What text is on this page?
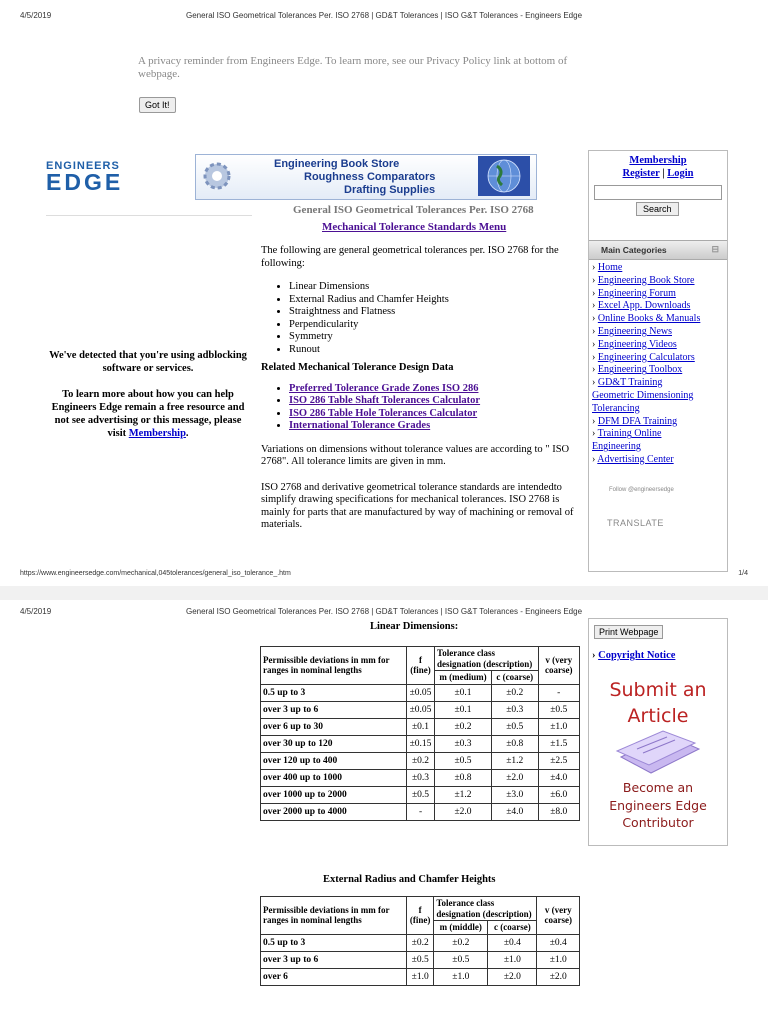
4/5/2019	General ISO Geometrical Tolerances Per. ISO 2768 | GD&T Tolerances | ISO G&T Tolerances - Engineers Edge
A privacy reminder from Engineers Edge. To learn more, see our Privacy Policy link at bottom of webpage.
Got It!
ENGINEERS
EDGE
Engineering Book Store
Roughness Comparators
Drafting Supplies
General ISO Geometrical Tolerances Per. ISO 2768
Mechanical Tolerance Standards Menu
We've detected that you're using adblocking software or services.
To learn more about how you can help Engineers Edge remain a free resource and not see advertising or this message, please visit Membership.

The following are general geometrical tolerances per. ISO 2768 for the following:

• Linear Dimensions
• External Radius and Chamfer Heights
• Straightness and Flatness
• Perpendicularity
• Symmetry
• Runout

Related Mechanical Tolerance Design Data

• Preferred Tolerance Grade Zones ISO 286
• ISO 286 Table Shaft Tolerances Calculator
• ISO 286 Table Hole Tolerances Calculator
• International Tolerance Grades

Variations on dimensions without tolerance values are according to " ISO 2768". All tolerance limits are given in mm.

ISO 2768 and derivative geometrical tolerance standards are intendedto simplify drawing specifications for mechanical tolerances. ISO 2768 is mainly for parts that are manufactured by way of machining or removal of materials.

Membership
Register | Login
Search
Main Categories	⊟
› Home
› Engineering Book Store
› Engineering Forum
› Excel App. Downloads
› Online Books & Manuals
› Engineering News
› Engineering Videos
› Engineering Calculators
› Engineering Toolbox
› GD&T Training
Geometric Dimensioning Tolerancing
› DFM DFA Training
› Training Online
Engineering
› Advertising Center
Follow @engineersedge
TRANSLATE
https://www.engineersedge.com/mechanical,045tolerances/general_iso_tolerance_.htm	1/4
4/5/2019	General ISO Geometrical Tolerances Per. ISO 2768 | GD&T Tolerances | ISO G&T Tolerances - Engineers Edge
Linear Dimensions:
Permissible deviations in mm for ranges in nominal lengths	f (fine)	Tolerance class designation (description)		v (very coarse)
		m (medium)	c (coarse)	
0.5 up to 3	±0.05	±0.1	±0.2	-
over 3 up to 6	±0.05	±0.1	±0.3	±0.5
over 6 up to 30	±0.1	±0.2	±0.5	±1.0
over 30 up to 120	±0.15	±0.3	±0.8	±1.5
over 120 up to 400	±0.2	±0.5	±1.2	±2.5
over 400 up to 1000	±0.3	±0.8	±2.0	±4.0
over 1000 up to 2000	±0.5	±1.2	±3.0	±6.0
over 2000 up to 4000	-	±2.0	±4.0	±8.0
External Radius and Chamfer Heights
Permissible deviations in mm for ranges in nominal lengths	f (fine)	Tolerance class designation (description)		v (very coarse)
		m (middle)	c (coarse)	
0.5 up to 3	±0.2	±0.2	±0.4	±0.4
over 3 up to 6	±0.5	±0.5	±1.0	±1.0
over 6	±1.0	±1.0	±2.0	±2.0
Print Webpage
› Copyright Notice
Submit an
Article
Become an
Engineers Edge
Contributor
